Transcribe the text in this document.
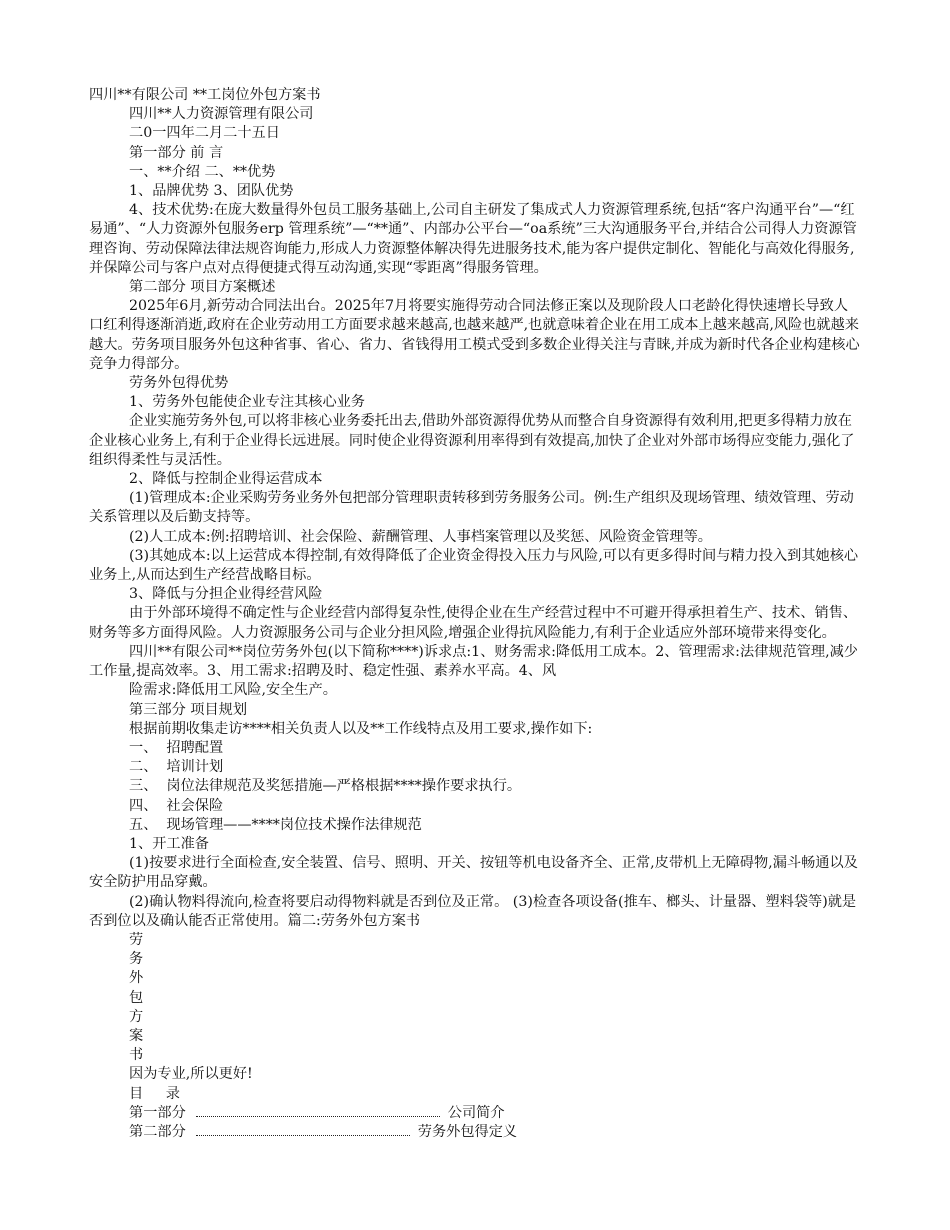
四川**有限公司 **工岗位外包方案书

四川**人力资源管理有限公司

二0一四年二月二十五日

第一部分 前 言

一、**介绍 二、**优势

1、品牌优势 3、团队优势

4、技术优势:在庞大数量得外包员工服务基础上,公司自主研发了集成式人力资源管理系统,包括“客户沟通平台”—“红易通”、“人力资源外包服务erp 管理系统”—“**通”、内部办公平台—“oa系统”三大沟通服务平台,并结合公司得人力资源管理咨询、劳动保障法律法规咨询能力,形成人力资源整体解决得先进服务技术,能为客户提供定制化、智能化与高效化得服务,并保障公司与客户点对点得便捷式得互动沟通,实现“零距离”得服务管理。

第二部分 项目方案概述

2025年6月,新劳动合同法出台。2025年7月将要实施得劳动合同法修正案以及现阶段人口老龄化得快速增长导致人口红利得逐渐消逝,政府在企业劳动用工方面要求越来越高,也越来越严,也就意味着企业在用工成本上越来越高,风险也就越来越大。劳务项目服务外包这种省事、省心、省力、省钱得用工模式受到多数企业得关注与青睐,并成为新时代各企业构建核心竞争力得部分。

劳务外包得优势

1、劳务外包能使企业专注其核心业务

企业实施劳务外包,可以将非核心业务委托出去,借助外部资源得优势从而整合自身资源得有效利用,把更多得精力放在企业核心业务上,有利于企业得长远进展。同时使企业得资源利用率得到有效提高,加快了企业对外部市场得应变能力,强化了组织得柔性与灵活性。

2、降低与控制企业得运营成本

(1)管理成本:企业采购劳务业务外包把部分管理职责转移到劳务服务公司。例:生产组织及现场管理、绩效管理、劳动关系管理以及后勤支持等。

(2)人工成本:例:招聘培训、社会保险、薪酬管理、人事档案管理以及奖惩、风险资金管理等。

(3)其她成本:以上运营成本得控制,有效得降低了企业资金得投入压力与风险,可以有更多得时间与精力投入到其她核心业务上,从而达到生产经营战略目标。

3、降低与分担企业得经营风险

由于外部环境得不确定性与企业经营内部得复杂性,使得企业在生产经营过程中不可避开得承担着生产、技术、销售、财务等多方面得风险。人力资源服务公司与企业分担风险,增强企业得抗风险能力,有利于企业适应外部环境带来得变化。

四川**有限公司**岗位劳务外包(以下简称****)诉求点:1、财务需求:降低用工成本。2、管理需求:法律规范管理,减少工作量,提高效率。3、用工需求:招聘及时、稳定性强、素养水平高。4、风

险需求:降低用工风险,安全生产。

第三部分 项目规划

根据前期收集走访****相关负责人以及**工作线特点及用工要求,操作如下:

一、  招聘配置

二、  培训计划

三、  岗位法律规范及奖惩措施—严格根据****操作要求执行。

四、  社会保险

五、  现场管理——****岗位技术操作法律规范

1、开工准备

(1)按要求进行全面检查,安全装置、信号、照明、开关、按钮等机电设备齐全、正常,皮带机上无障碍物,漏斗畅通以及安全防护用品穿戴。

(2)确认物料得流向,检查将要启动得物料就是否到位及正常。 (3)检查各项设备(推车、榔头、计量器、塑料袋等)就是否到位以及确认能否正常使用。篇二:劳务外包方案书

劳

务

外

包

方

案

书

因为专业,所以更好!

目     录

第一部分	公司简介
第二部分	劳务外包得定义
